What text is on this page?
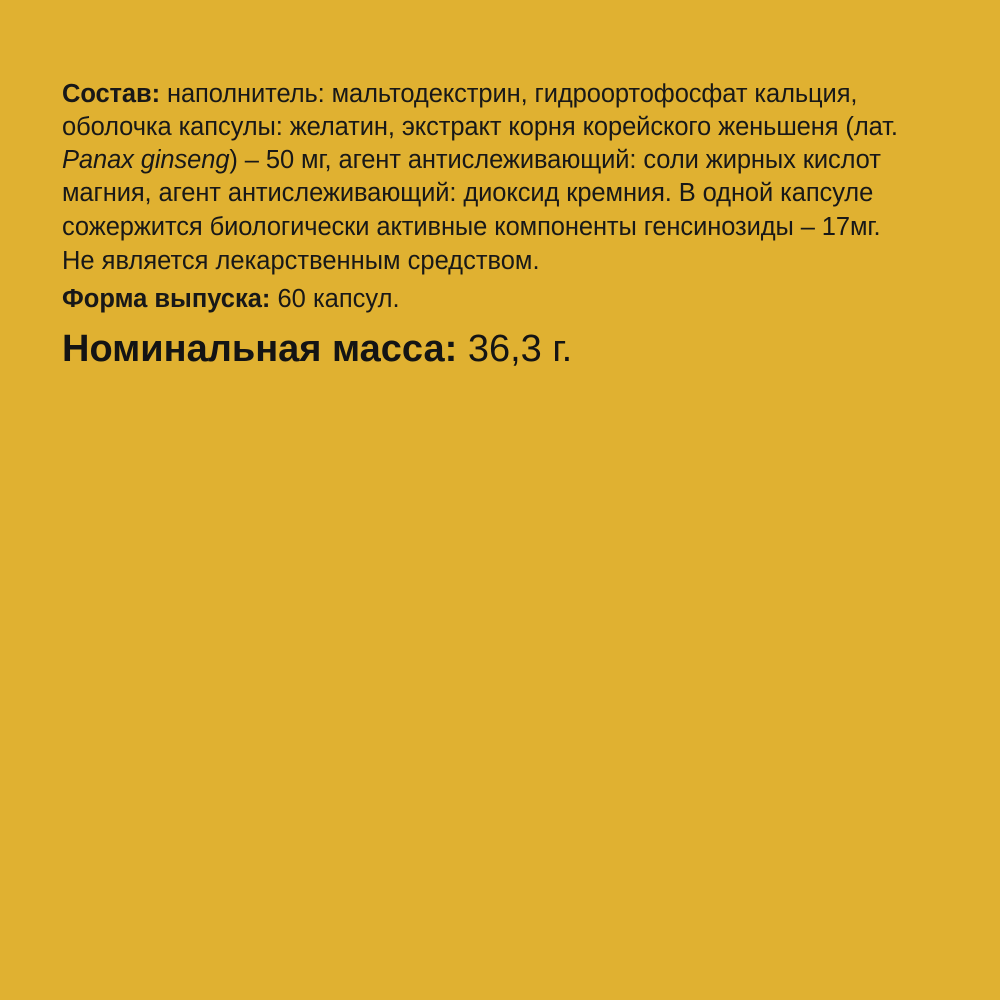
Состав: наполнитель: мальтодекстрин, гидроортофосфат кальция, оболочка капсулы: желатин, экстракт корня корейского женьшеня (лат. Panax ginseng) – 50 мг, агент антислеживающий: соли жирных кислот магния, агент антислеживающий: диоксид кремния. В одной капсуле сожержится биологически активные компоненты генсинозиды – 17мг.

Не является лекарственным средством.

Форма выпуска: 60 капсул.

Номинальная масса: 36,3 г.
